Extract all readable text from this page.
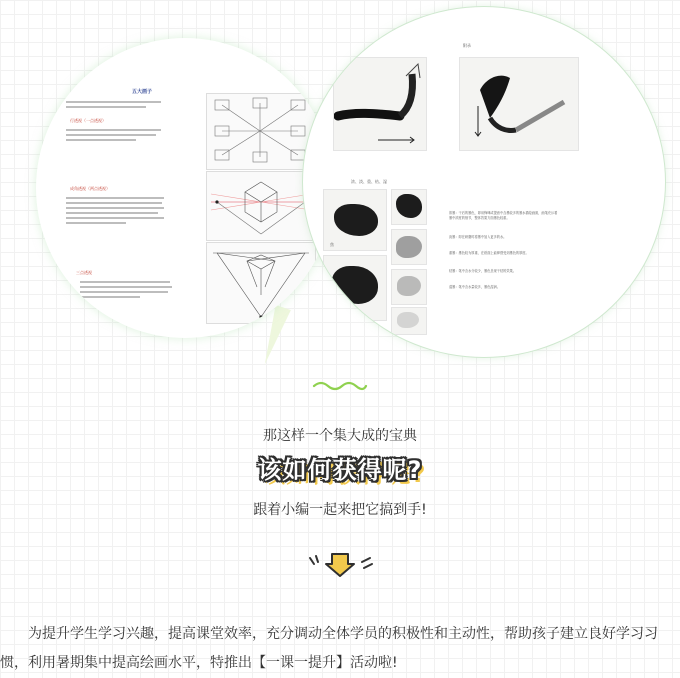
五大画子
行透视（一点透视）
成角透视（两点透视）
三点透视
附录
浓、淡、重、枯、湿
焦
浓
浓墨：干后的墨色，即用锋肆或提意中含墨较多的墨水描绘画面，画笔充斥着墨中浓度的细节，整体效果方面墨色较重。
淡墨：即在研磨时将墨中加入更多的水。
重墨：墨色较为厚重，在纸面上能够感受到墨色的厚度。
枯墨：笔中含水分较少，墨色呈现干枯的效果。
湿墨：笔中含水量较多，墨色湿润。
那这样一个集大成的宝典
该如何获得呢?
跟着小编一起来把它搞到手!

为提升学生学习兴趣，提高课堂效率，充分调动全体学员的积极性和主动性，帮助孩子建立良好学习习惯，利用暑期集中提高绘画水平，特推出【一课一提升】活动啦!
